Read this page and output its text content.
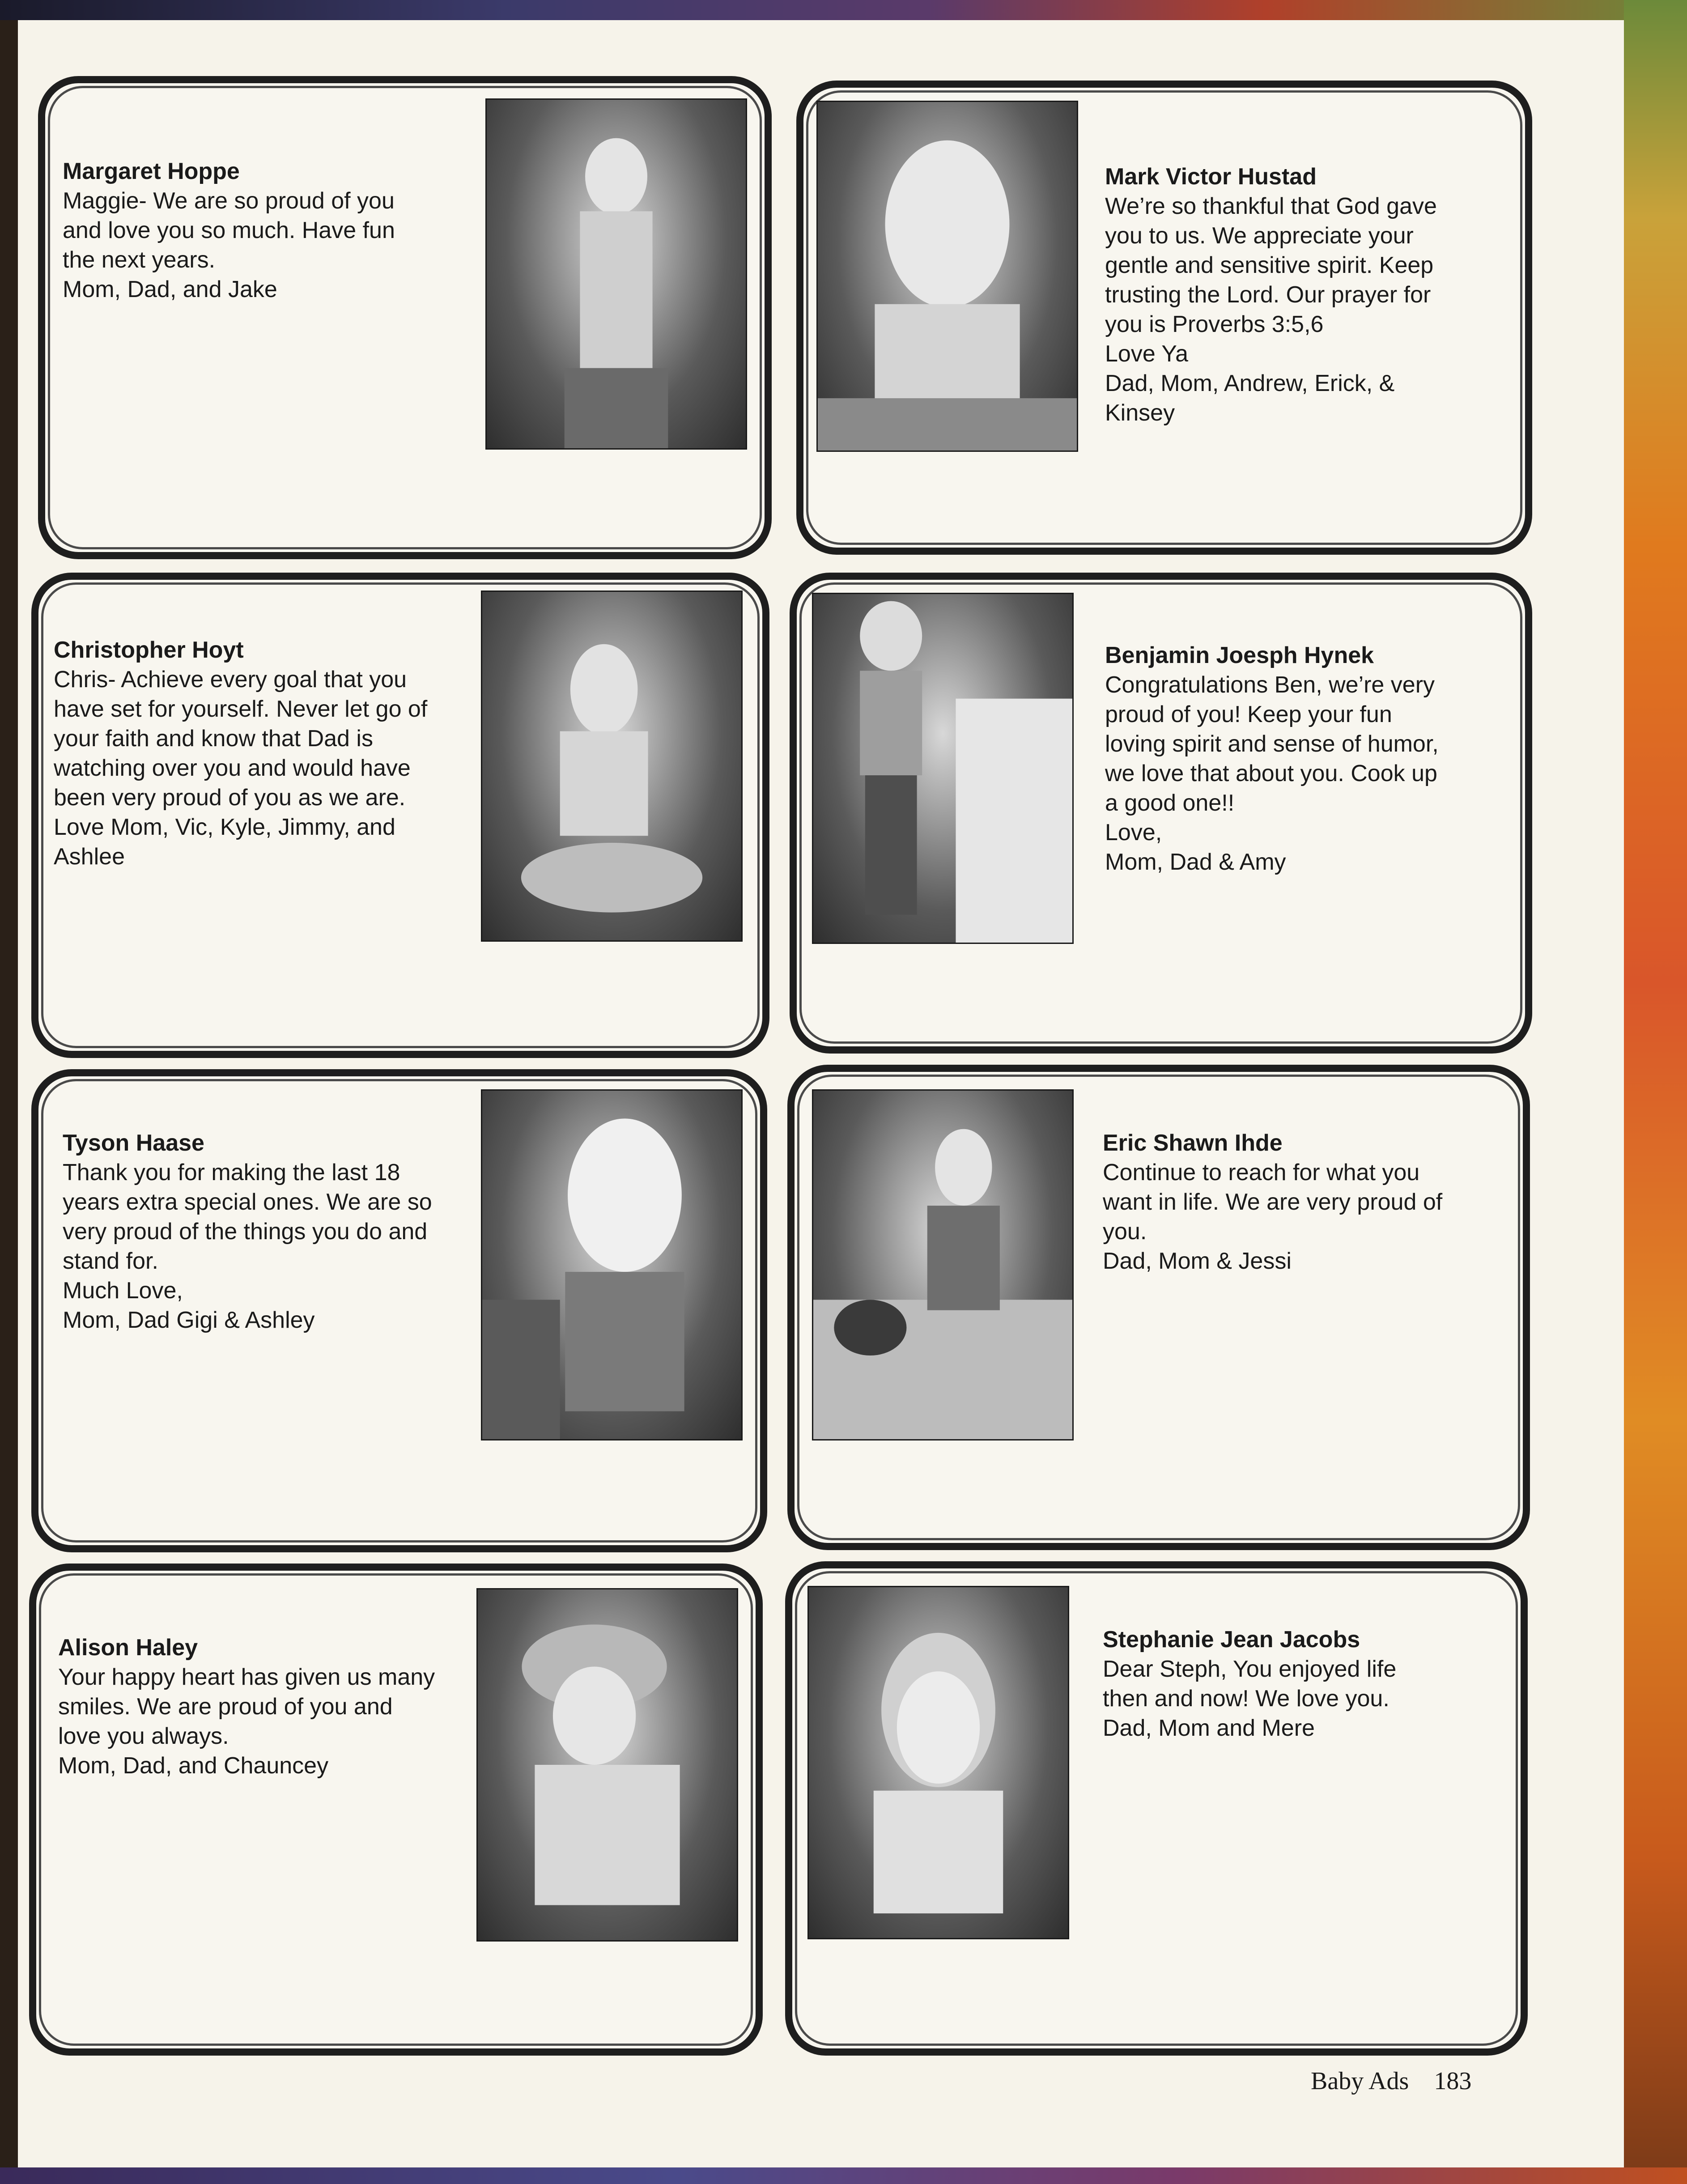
Margaret Hoppe
Maggie- We are so proud of you
and love you so much. Have fun
the next years.
Mom, Dad, and Jake
Mark Victor Hustad
We’re so thankful that God gave
you to us. We appreciate your
gentle and sensitive spirit. Keep
trusting the Lord. Our prayer for
you is Proverbs 3:5,6
Love Ya
Dad, Mom, Andrew, Erick, &
Kinsey
Christopher Hoyt
Chris- Achieve every goal that you
have set for yourself. Never let go of
your faith and know that Dad is
watching over you and would have
been very proud of you as we are.
Love Mom, Vic, Kyle, Jimmy, and
Ashlee
Benjamin Joesph Hynek
Congratulations Ben, we’re very
proud of you! Keep your fun
loving spirit and sense of humor,
we love that about you. Cook up
a good one!!
Love,
Mom, Dad & Amy
Tyson Haase
Thank you for making the last 18
years extra special ones. We are so
very proud of the things you do and
stand for.
Much Love,
Mom, Dad Gigi & Ashley
Eric Shawn Ihde
Continue to reach for what you
want in life. We are very proud of
you.
Dad, Mom & Jessi
Alison Haley
Your happy heart has given us many
smiles. We are proud of you and
love you always.
Mom, Dad, and Chauncey
Stephanie Jean Jacobs
Dear Steph, You enjoyed life
then and now! We love you.
Dad, Mom and Mere
Baby Ads 183
